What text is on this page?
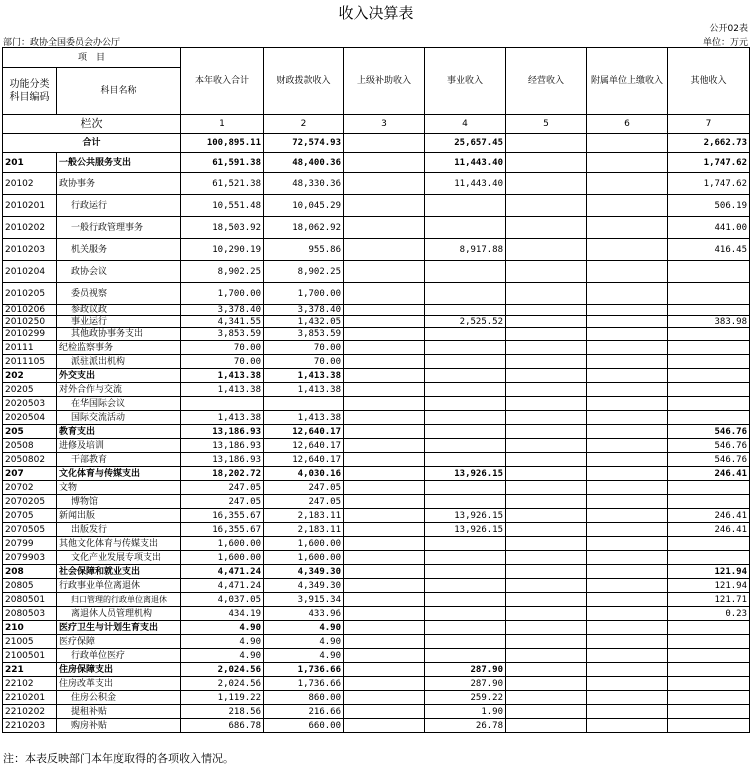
收入决算表
公开02表
部门：政协全国委员会办公厅	单位：万元
项　目		本年收入合计	财政拨款收入	上级补助收入	事业收入	经营收入	附属单位上缴收入	其他收入
功能分类科目编码	科目名称							
栏次		1	2	3	4	5	6	7
合计		100,895.11	72,574.93		25,657.45			2,662.73
201	一般公共服务支出	61,591.38	48,400.36		11,443.40			1,747.62
20102	政协事务	61,521.38	48,330.36		11,443.40			1,747.62
2010201	行政运行	10,551.48	10,045.29					506.19
2010202	一般行政管理事务	18,503.92	18,062.92					441.00
2010203	机关服务	10,290.19	955.86		8,917.88			416.45
2010204	政协会议	8,902.25	8,902.25					
2010205	委员视察	1,700.00	1,700.00					
2010206	参政议政	3,378.40	3,378.40					
2010250	事业运行	4,341.55	1,432.05		2,525.52			383.98
2010299	其他政协事务支出	3,853.59	3,853.59					
20111	纪检监察事务	70.00	70.00					
2011105	派驻派出机构	70.00	70.00					
202	外交支出	1,413.38	1,413.38					
20205	对外合作与交流	1,413.38	1,413.38					
2020503	在华国际会议							
2020504	国际交流活动	1,413.38	1,413.38					
205	教育支出	13,186.93	12,640.17					546.76
20508	进修及培训	13,186.93	12,640.17					546.76
2050802	干部教育	13,186.93	12,640.17					546.76
207	文化体育与传媒支出	18,202.72	4,030.16		13,926.15			246.41
20702	文物	247.05	247.05					
2070205	博物馆	247.05	247.05					
20705	新闻出版	16,355.67	2,183.11		13,926.15			246.41
2070505	出版发行	16,355.67	2,183.11		13,926.15			246.41
20799	其他文化体育与传媒支出	1,600.00	1,600.00					
2079903	文化产业发展专项支出	1,600.00	1,600.00					
208	社会保障和就业支出	4,471.24	4,349.30					121.94
20805	行政事业单位离退休	4,471.24	4,349.30					121.94
2080501	归口管理的行政单位离退休	4,037.05	3,915.34					121.71
2080503	离退休人员管理机构	434.19	433.96					0.23
210	医疗卫生与计划生育支出	4.90	4.90					
21005	医疗保障	4.90	4.90					
2100501	行政单位医疗	4.90	4.90					
221	住房保障支出	2,024.56	1,736.66		287.90			
22102	住房改革支出	2,024.56	1,736.66		287.90			
2210201	住房公积金	1,119.22	860.00		259.22			
2210202	提租补贴	218.56	216.66		1.90			
2210203	购房补贴	686.78	660.00		26.78			
注：本表反映部门本年度取得的各项收入情况。
